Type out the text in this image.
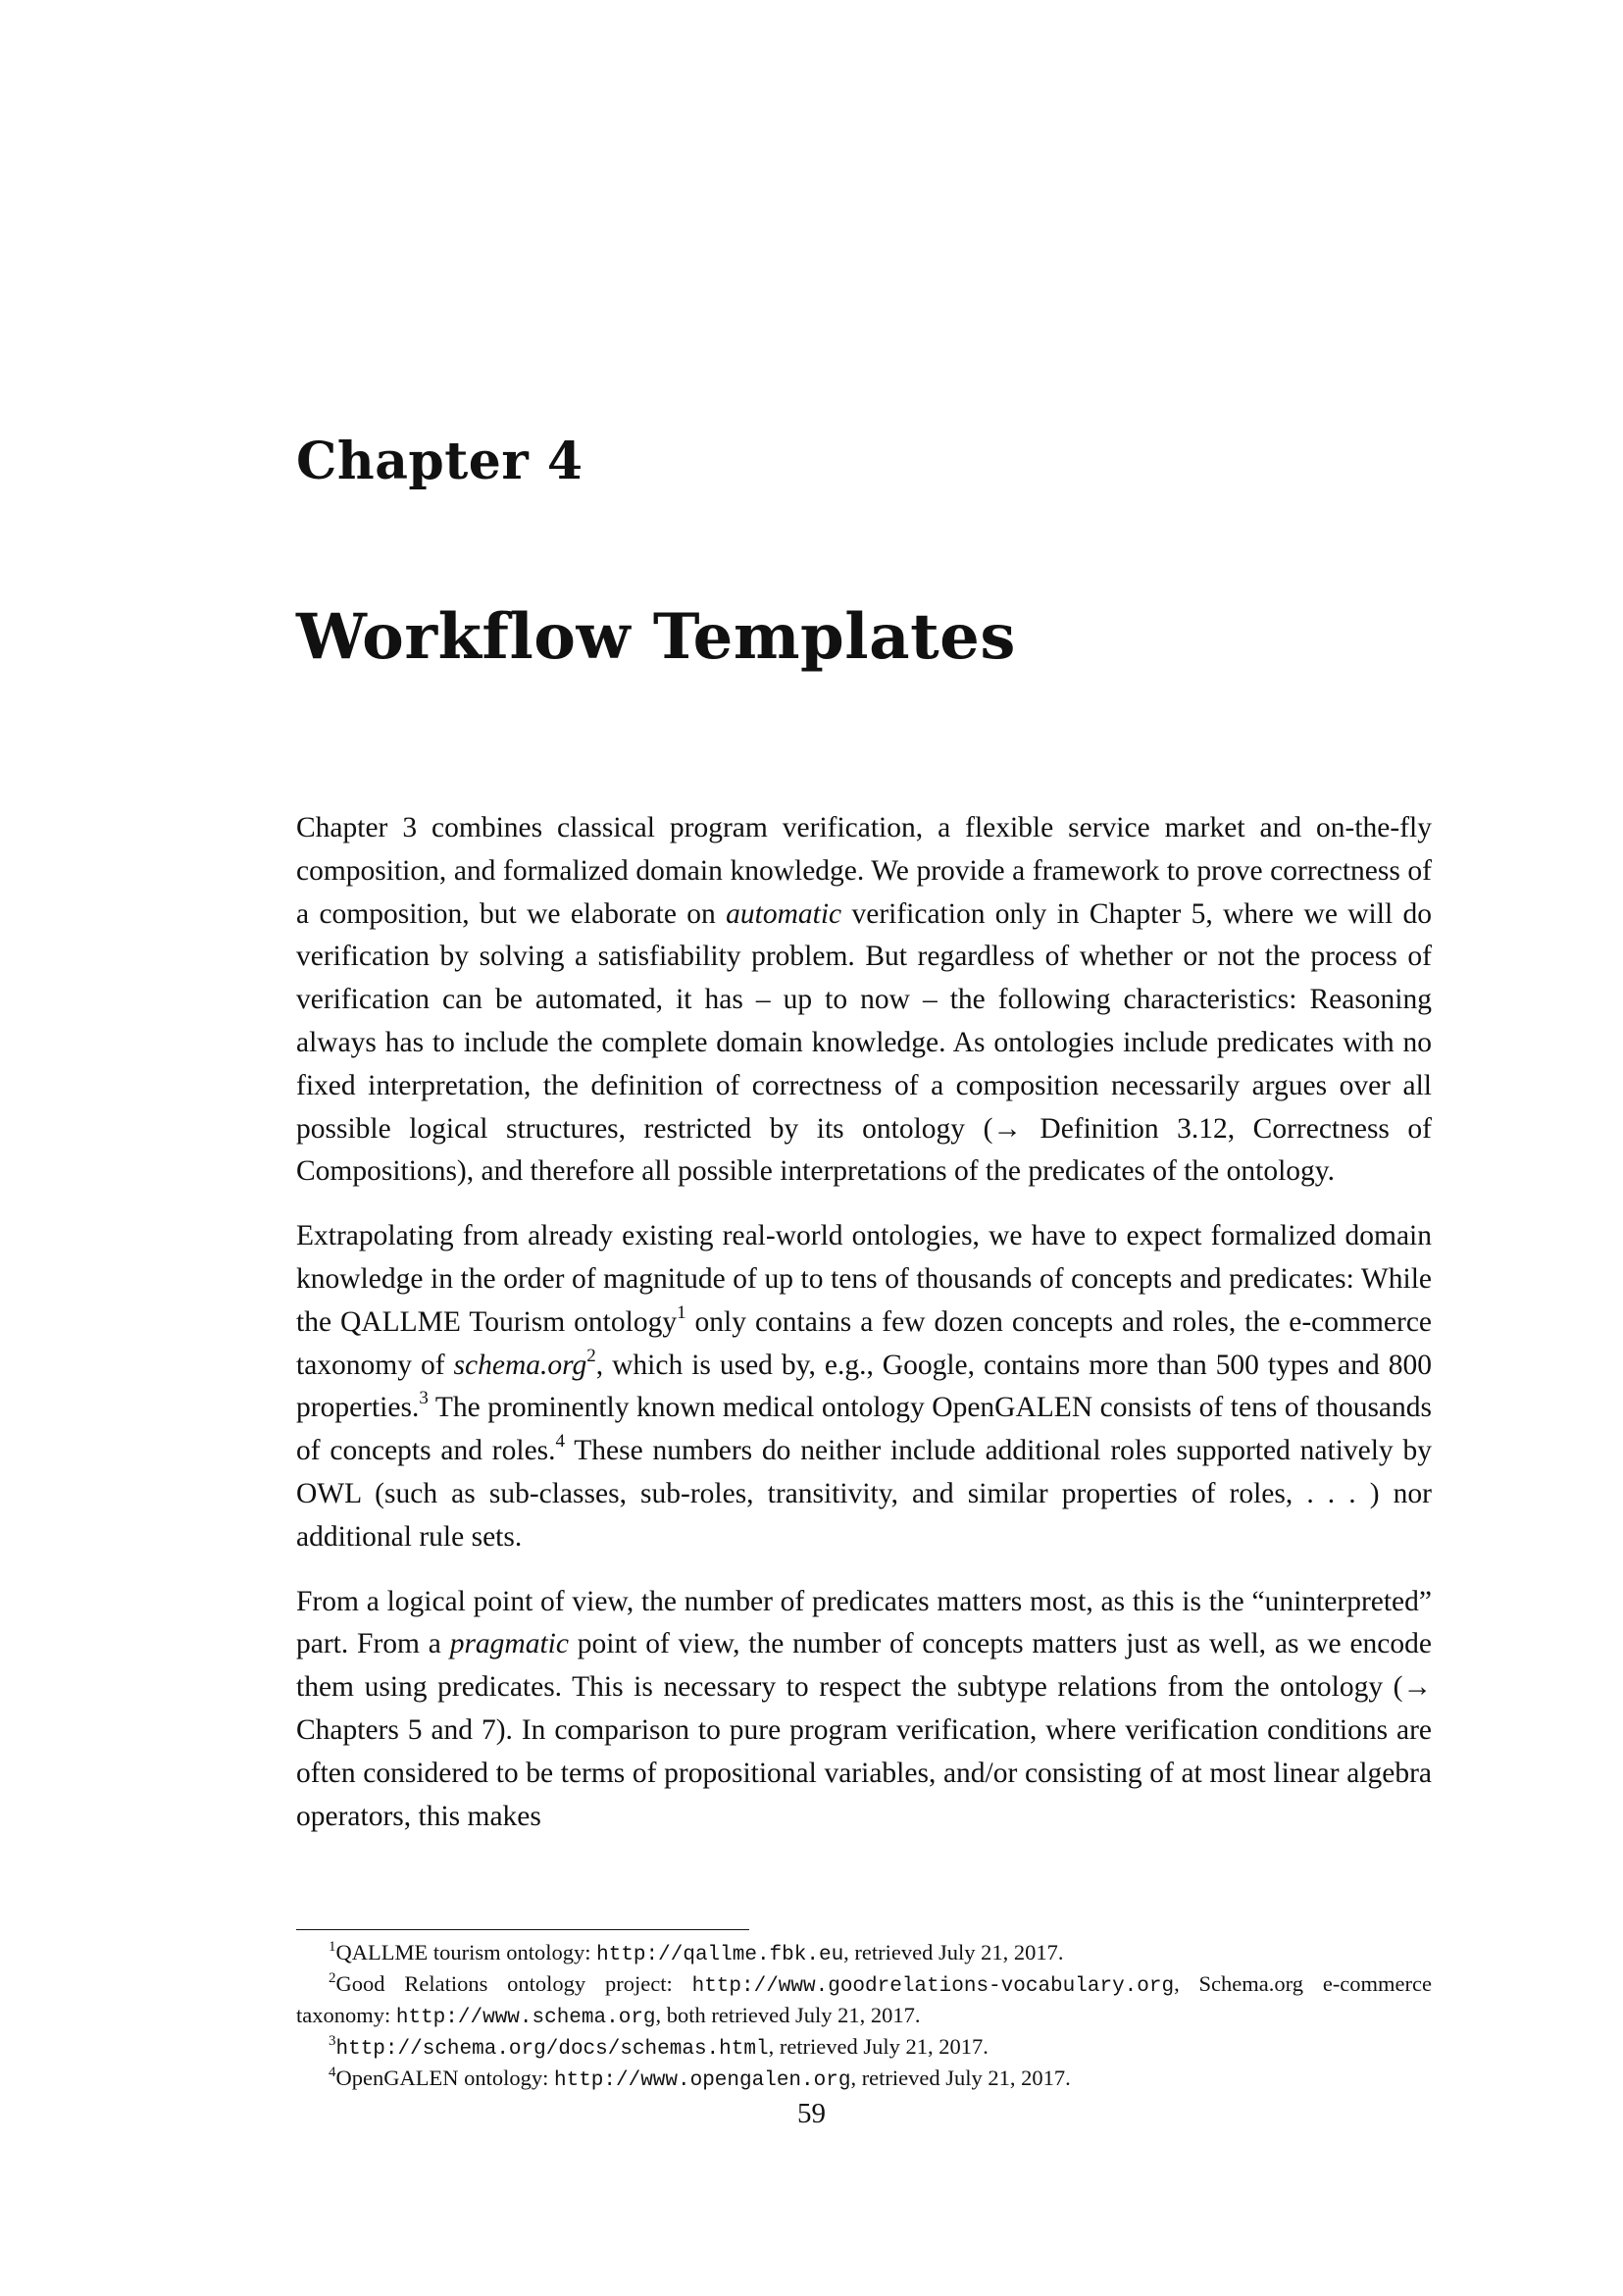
Chapter 4
Workflow Templates

Chapter 3 combines classical program verification, a flexible service market and on-the-fly composition, and formalized domain knowledge. We provide a framework to prove correctness of a composition, but we elaborate on automatic verification only in Chapter 5, where we will do verification by solving a satisfiability problem. But regardless of whether or not the process of verification can be automated, it has – up to now – the following characteristics: Reasoning always has to include the complete domain knowledge. As ontologies include predicates with no fixed interpretation, the definition of correctness of a composition necessarily argues over all possible logical structures, restricted by its ontology (→ Definition 3.12, Correctness of Compositions), and therefore all possible interpretations of the predicates of the ontology.

Extrapolating from already existing real-world ontologies, we have to expect formalized domain knowledge in the order of magnitude of up to tens of thousands of concepts and predicates: While the QALLME Tourism ontology$^1$ only contains a few dozen concepts and roles, the e-commerce taxonomy of schema.org$^2$, which is used by, e.g., Google, contains more than 500 types and 800 properties.$^3$ The prominently known medical ontology OpenGALEN consists of tens of thousands of concepts and roles.$^4$ These numbers do neither include additional roles supported natively by OWL (such as sub-classes, sub-roles, transitivity, and similar properties of roles, . . . ) nor additional rule sets.

From a logical point of view, the number of predicates matters most, as this is the “uninterpreted” part. From a pragmatic point of view, the number of concepts matters just as well, as we encode them using predicates. This is necessary to respect the subtype relations from the ontology (→ Chapters 5 and 7). In comparison to pure program verification, where verification conditions are often considered to be terms of propositional variables, and/or consisting of at most linear algebra operators, this makes

$^1$QALLME tourism ontology: http://qallme.fbk.eu, retrieved July 21, 2017.

$^2$Good Relations ontology project: http://www.goodrelations-vocabulary.org, Schema.org e-commerce taxonomy: http://www.schema.org, both retrieved July 21, 2017.

$^3$http://schema.org/docs/schemas.html, retrieved July 21, 2017.

$^4$OpenGALEN ontology: http://www.opengalen.org, retrieved July 21, 2017.

59
